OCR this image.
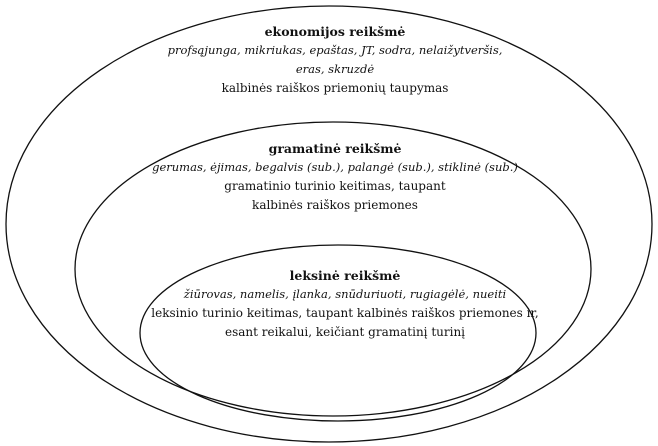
ekonomijos reikšmė
profsąjunga, mikriukas, epaštas, JT, sodra, nelaižytveršis,
eras, skruzdė
kalbinės raiškos priemonių taupymas
gramatinė reikšmė
gerumas, ėjimas, begalvis (sub.), palangė (sub.), stiklinė (sub.)
gramatinio turinio keitimas, taupant
kalbinės raiškos priemones
leksinė reikšmė
žiūrovas, namelis, įlanka, snūduriuoti, rugiagėlė, nueiti
leksinio turinio keitimas, taupant kalbinės raiškos priemones ir,
esant reikalui, keičiant gramatinį turinį
